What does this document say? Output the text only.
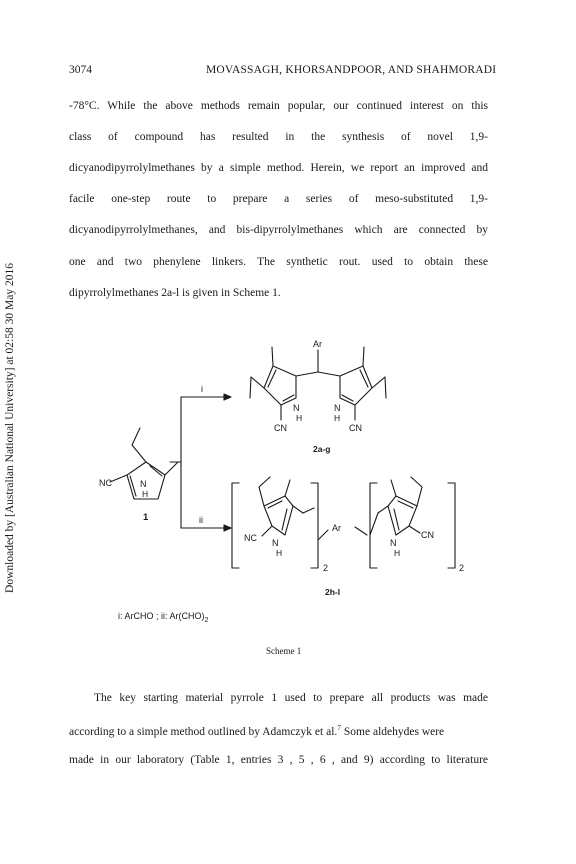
3074	MOVASSAGH, KHORSANDPOOR, AND SHAHMORADI
Downloaded by [Australian National University] at 02:58 30 May 2016
-78°C. While the above methods remain popular, our continued interest on this
class of compound has resulted in the synthesis of novel 1,9-
dicyanodipyrrolylmethanes by a simple method. Herein, we report an improved and
facile one-step route to prepare a series of meso-substituted 1,9-
dicyanodipyrrolylmethanes, and bis-dipyrrolylmethanes which are connected by
one and two phenylene linkers. The synthetic rout. used to obtain these
dipyrrolylmethanes 2a-l is given in Scheme 1.
NC	N
H
1
i
ii
Ar
N
H
N
H
CN	CN
2a-g
NC N
H
2
Ar
N
H
CN
2
2h-l
i: ArCHO ; ii: $Ar(CHO)_2$
Scheme 1
The key starting material pyrrole 1 used to prepare all products was made
according to a simple method outlined by Adamczyk et al.$^7$ Some aldehydes were
made in our laboratory (Table 1, entries 3 , 5 , 6 , and 9) according to literature
